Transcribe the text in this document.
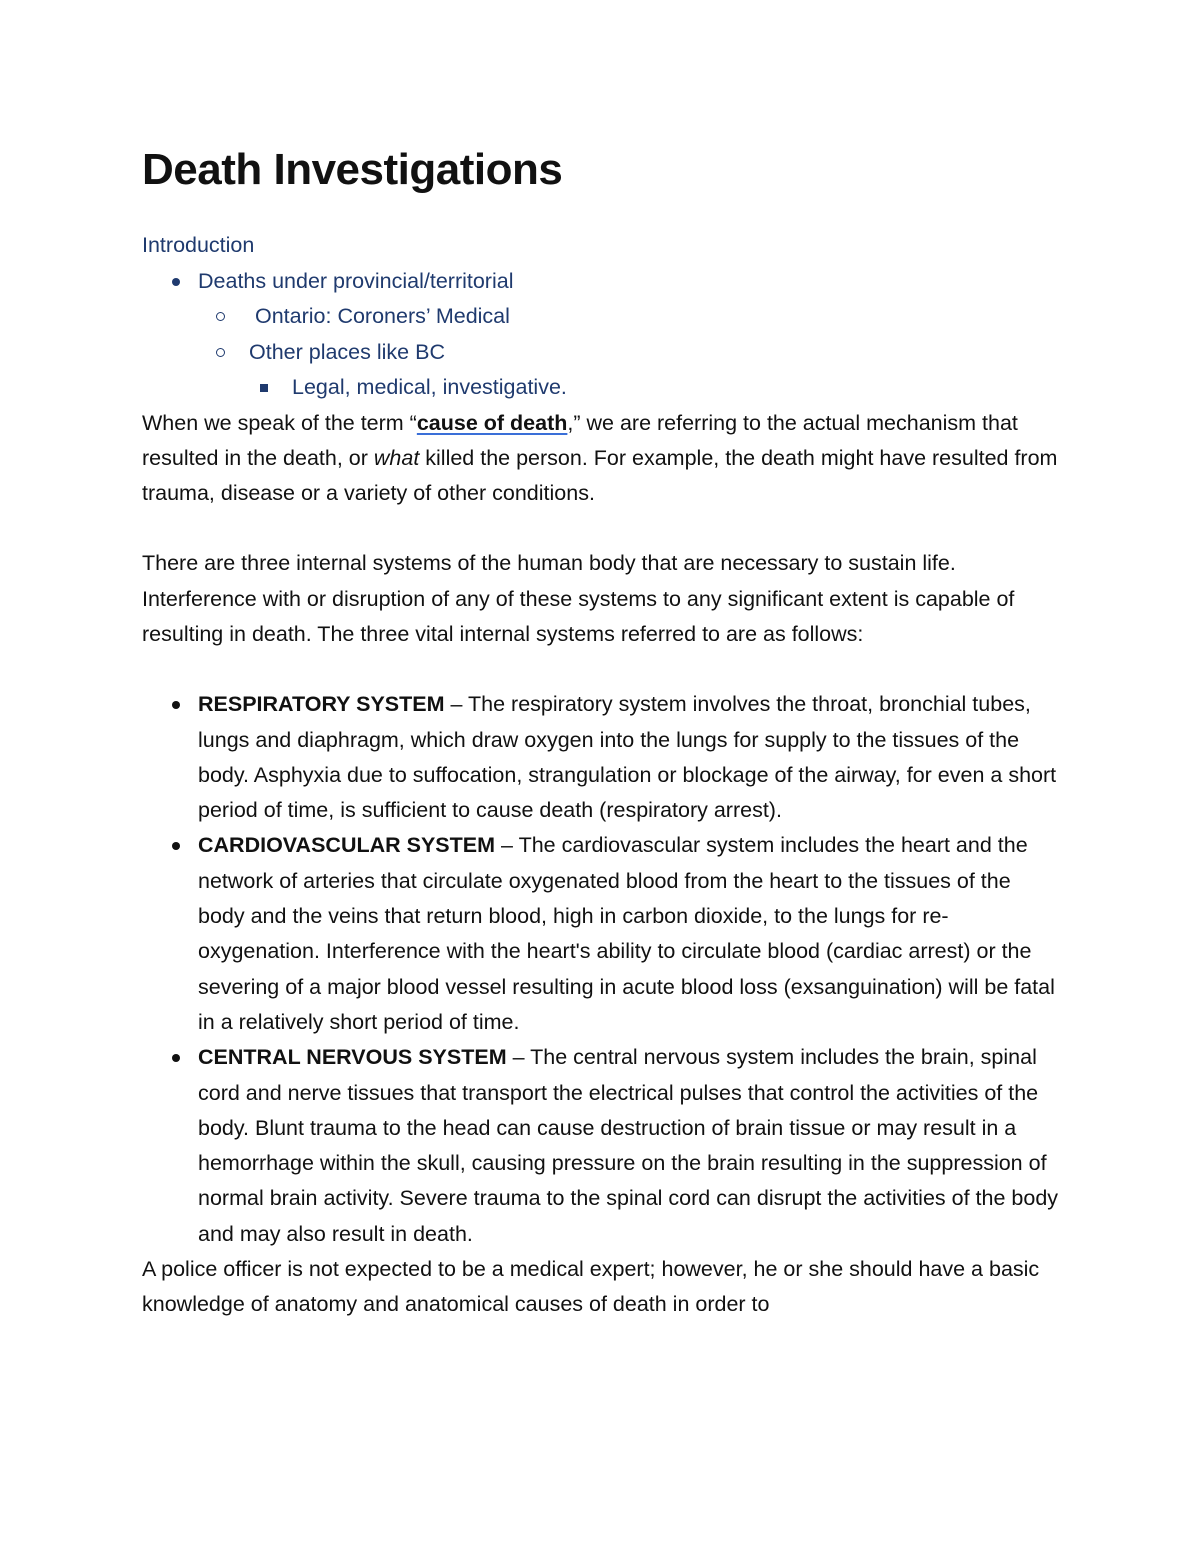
Death Investigations
Introduction
Deaths under provincial/territorial
Ontario: Coroners’ Medical
Other places like BC
Legal, medical, investigative.

When we speak of the term “cause of death,” we are referring to the actual mechanism that resulted in the death, or what killed the person. For example, the death might have resulted from trauma, disease or a variety of other conditions.

There are three internal systems of the human body that are necessary to sustain life. Interference with or disruption of any of these systems to any significant extent is capable of resulting in death. The three vital internal systems referred to are as follows:

RESPIRATORY SYSTEM – The respiratory system involves the throat, bronchial tubes, lungs and diaphragm, which draw oxygen into the lungs for supply to the tissues of the body. Asphyxia due to suffocation, strangulation or blockage of the airway, for even a short period of time, is sufficient to cause death (respiratory arrest).
CARDIOVASCULAR SYSTEM – The cardiovascular system includes the heart and the network of arteries that circulate oxygenated blood from the heart to the tissues of the body and the veins that return blood, high in carbon dioxide, to the lungs for re-oxygenation. Interference with the heart's ability to circulate blood (cardiac arrest) or the severing of a major blood vessel resulting in acute blood loss (exsanguination) will be fatal in a relatively short period of time.
CENTRAL NERVOUS SYSTEM – The central nervous system includes the brain, spinal cord and nerve tissues that transport the electrical pulses that control the activities of the body. Blunt trauma to the head can cause destruction of brain tissue or may result in a hemorrhage within the skull, causing pressure on the brain resulting in the suppression of normal brain activity. Severe trauma to the spinal cord can disrupt the activities of the body and may also result in death.

A police officer is not expected to be a medical expert; however, he or she should have a basic knowledge of anatomy and anatomical causes of death in order to
